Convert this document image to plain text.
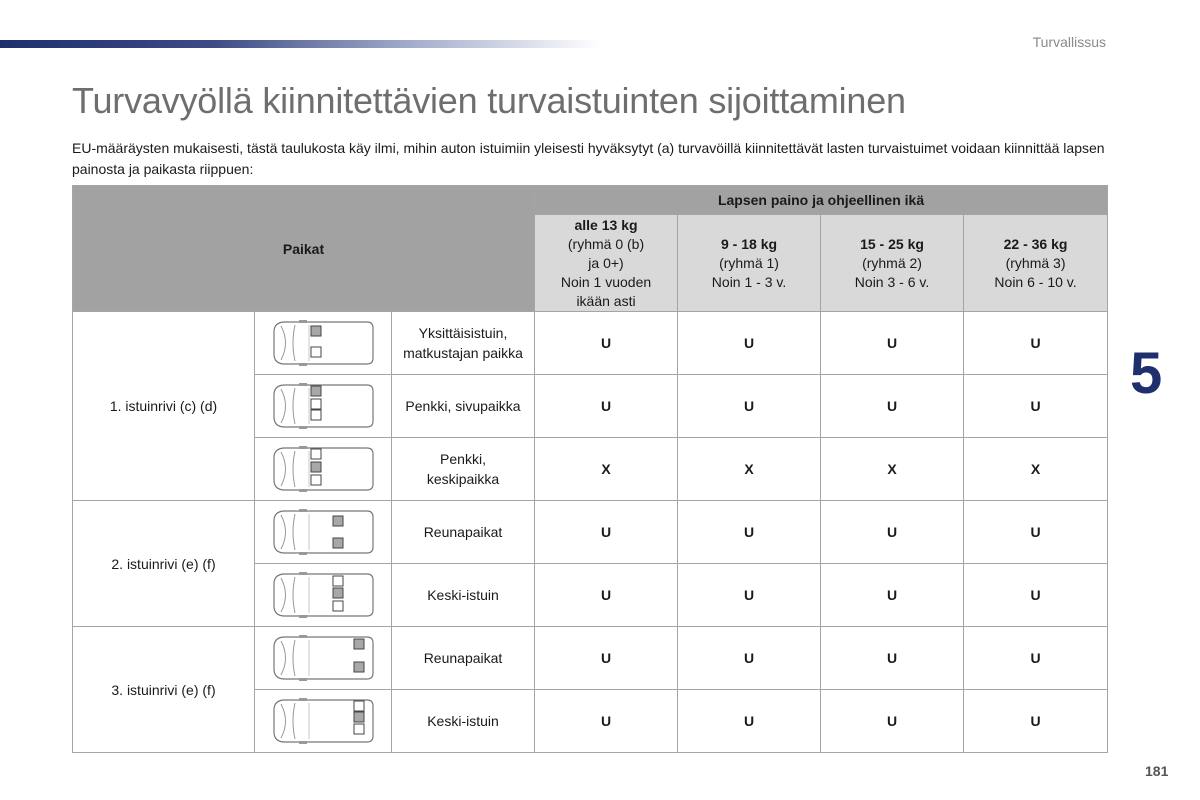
Turvallissus
Turvavyöllä kiinnitettävien turvaistuinten sijoittaminen

EU-määräysten mukaisesti, tästä taulukosta käy ilmi, mihin auton istuimiin yleisesti hyväksytyt (a) turvavöillä kiinnitettävät lasten turvaistuimet voidaan kiinnittää lapsen painosta ja paikasta riippuen:

Paikat			Lapsen paino ja ohjeellinen ikä			

			alle 13 kg
(ryhmä 0 (b)
ja 0+)
Noin 1 vuoden
ikään asti	9 - 18 kg
(ryhmä 1)
Noin 1 - 3 v.	15 - 25 kg
(ryhmä 2)
Noin 3 - 6 v.	22 - 36 kg
(ryhmä 3)
Noin 6 - 10 v.

1. istuinrivi (c) (d)		Yksittäisistuin,
matkustajan paikka	U	U	U	U

	Penkki, sivupaikka	U	U	U	U

	Penkki,
keskipaikka	X	X	X	X
2. istuinrivi (e) (f)		Reunapaikat	U	U	U	U

	Keski-istuin	U	U	U	U
3. istuinrivi (e) (f)		Reunapaikat	U	U	U	U

	Keski-istuin	U	U	U	U
5
181
